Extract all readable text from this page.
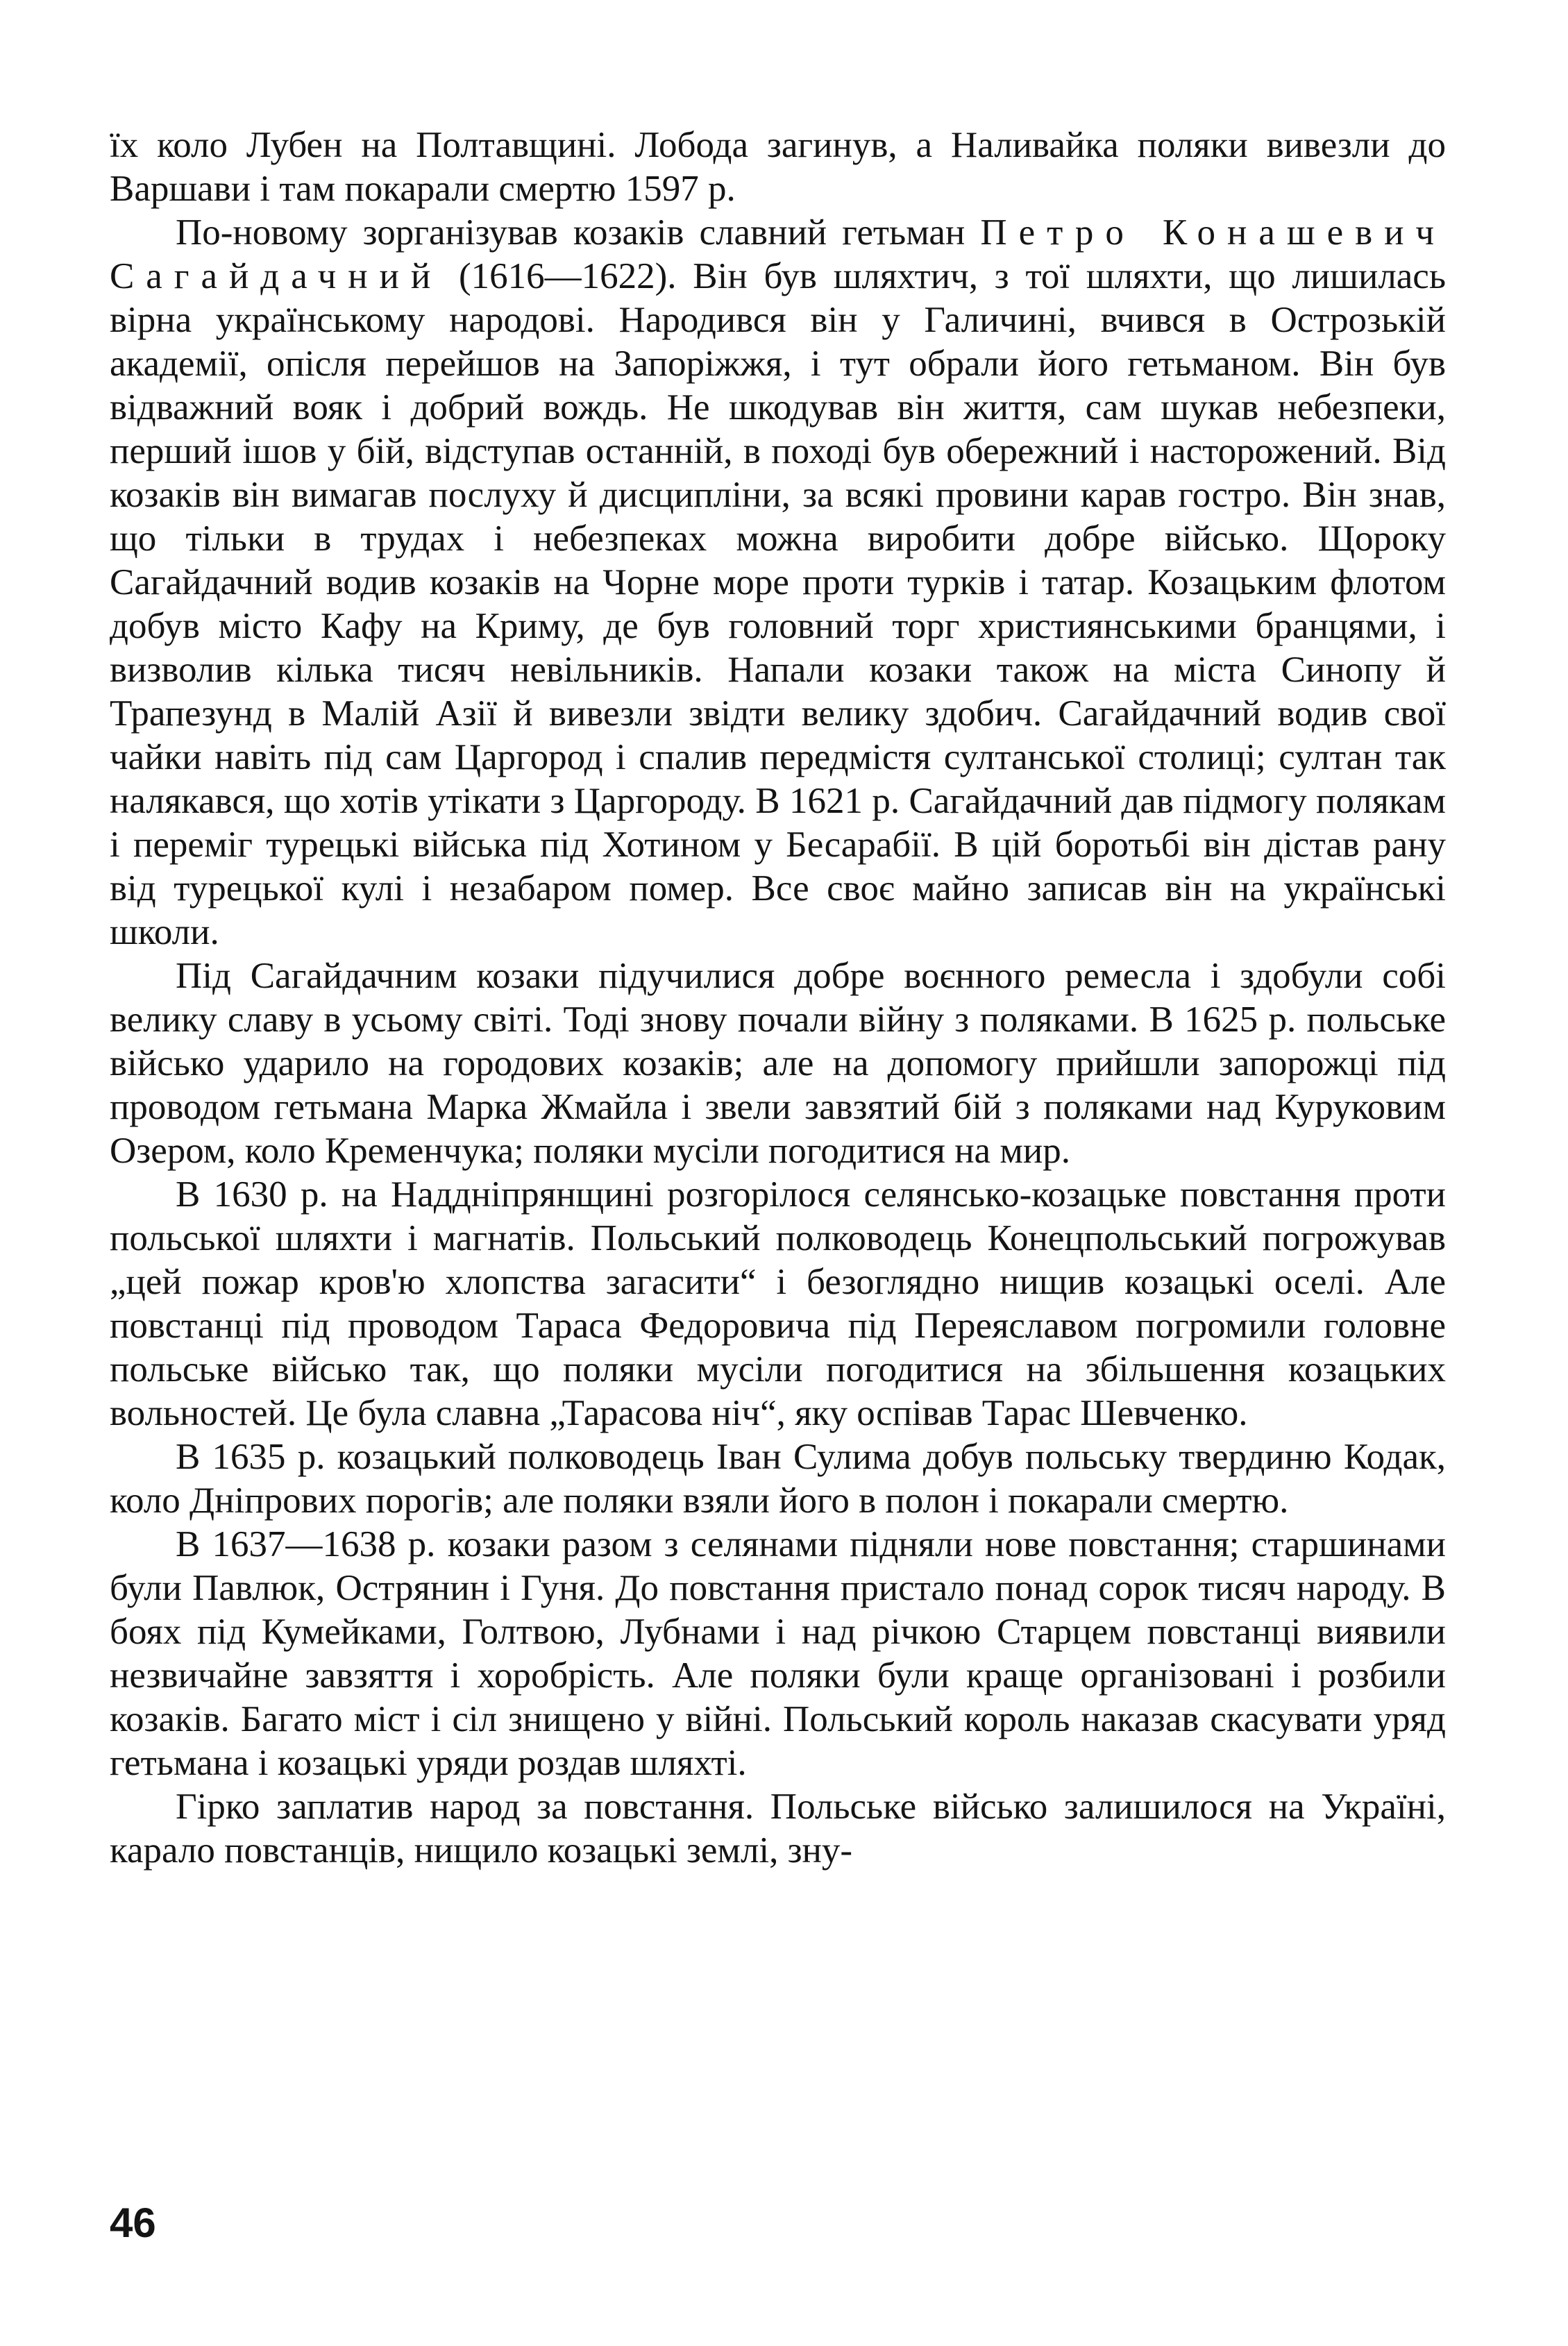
їх коло Лубен на Полтавщині. Лобода загинув, а Наливайка поляки вивезли до Варшави і там покарали смертю 1597 р.

По-новому зорганізував козаків славний гетьман Петро Конашевич Сагайдачний (1616—1622). Він був шляхтич, з тої шляхти, що лишилась вірна українському народові. Народився він у Галичині, вчився в Острозькій академії, опісля перейшов на Запоріжжя, і тут обрали його гетьманом. Він був відважний вояк і добрий вождь. Не шкодував він життя, сам шукав небезпеки, перший ішов у бій, відступав останній, в поході був обережний і насторожений. Від козаків він вимагав послуху й дисципліни, за всякі провини карав гостро. Він знав, що тільки в трудах і небезпеках можна виробити добре військо. Щороку Сагайдачний водив козаків на Чорне море проти турків і татар. Козацьким флотом добув місто Кафу на Криму, де був головний торг християнськими бранцями, і визволив кілька тисяч невільників. Напали козаки також на міста Синопу й Трапезунд в Малій Азії й вивезли звідти велику здобич. Сагайдачний водив свої чайки навіть під сам Царгород і спалив передмістя султанської столиці; султан так налякався, що хотів утікати з Царгороду. В 1621 р. Сагайдачний дав підмогу полякам і переміг турецькі війська під Хотином у Бесарабії. В цій боротьбі він дістав рану від турецької кулі і незабаром помер. Все своє майно записав він на українські школи.

Під Сагайдачним козаки підучилися добре воєнного ремесла і здобули собі велику славу в усьому світі. Тоді знову почали війну з поляками. В 1625 р. польське військо ударило на городових козаків; але на допомогу прийшли запорожці під проводом гетьмана Марка Жмайла і звели завзятий бій з поляками над Куруковим Озером, коло Кременчука; поляки мусіли погодитися на мир.

В 1630 р. на Наддніпрянщині розгорілося селянсько-козацьке повстання проти польської шляхти і магнатів. Польський полководець Конецпольський погрожував „цей пожар кров'ю хлопства загасити“ і безоглядно нищив козацькі оселі. Але повстанці під проводом Тараса Федоровича під Переяславом погромили головне польське військо так, що поляки мусіли погодитися на збільшення козацьких вольностей. Це була славна „Тарасова ніч“, яку оспівав Тарас Шевченко.

В 1635 р. козацький полководець Іван Сулима добув польську твердиню Кодак, коло Дніпрових порогів; але поляки взяли його в полон і покарали смертю.

В 1637—1638 р. козаки разом з селянами підняли нове повстання; старшинами були Павлюк, Острянин і Гуня. До повстання пристало понад сорок тисяч народу. В боях під Кумейками, Голтвою, Лубнами і над річкою Старцем повстанці виявили незвичайне завзяття і хоробрість. Але поляки були краще організовані і розбили козаків. Багато міст і сіл знищено у війні. Польський король наказав скасувати уряд гетьмана і козацькі уряди роздав шляхті.

Гірко заплатив народ за повстання. Польське військо залишилося на Україні, карало повстанців, нищило козацькі землі, зну-

46
